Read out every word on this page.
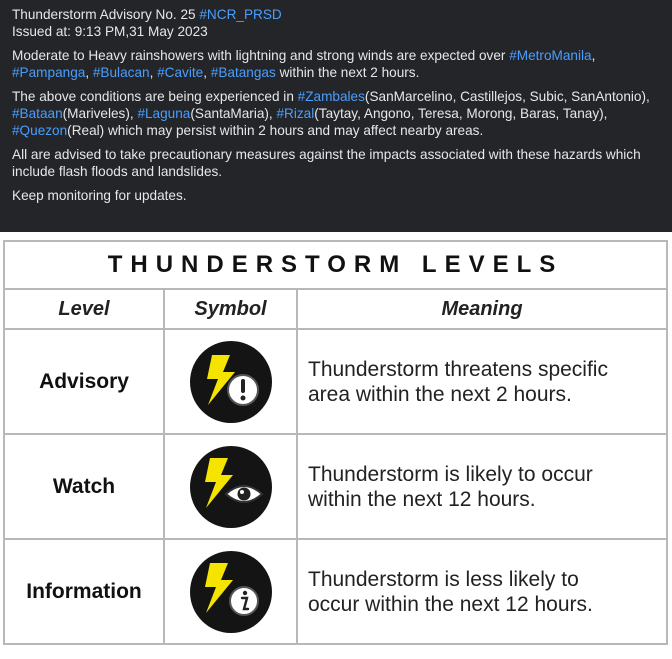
Thunderstorm Advisory No. 25 #NCR_PRSD

Issued at: 9:13 PM,31 May 2023

Moderate to Heavy rainshowers with lightning and strong winds are expected over #MetroManila,
#Pampanga, #Bulacan, #Cavite, #Batangas within the next 2 hours.

The above conditions are being experienced in #Zambales(SanMarcelino, Castillejos, Subic, SanAntonio),
#Bataan(Mariveles), #Laguna(SantaMaria), #Rizal(Taytay, Angono, Teresa, Morong, Baras, Tanay),
#Quezon(Real) which may persist within 2 hours and may affect nearby areas.

All are advised to take precautionary measures against the impacts associated with these hazards which include flash floods and landslides.

Keep monitoring for updates.

THUNDERSTORM LEVELS		
Level	Symbol	Meaning
Advisory		Thunderstorm threatens specific
area within the next 2 hours.
Watch		Thunderstorm is likely to occur
within the next 12 hours.
Information		Thunderstorm is less likely to
occur within the next 12 hours.
